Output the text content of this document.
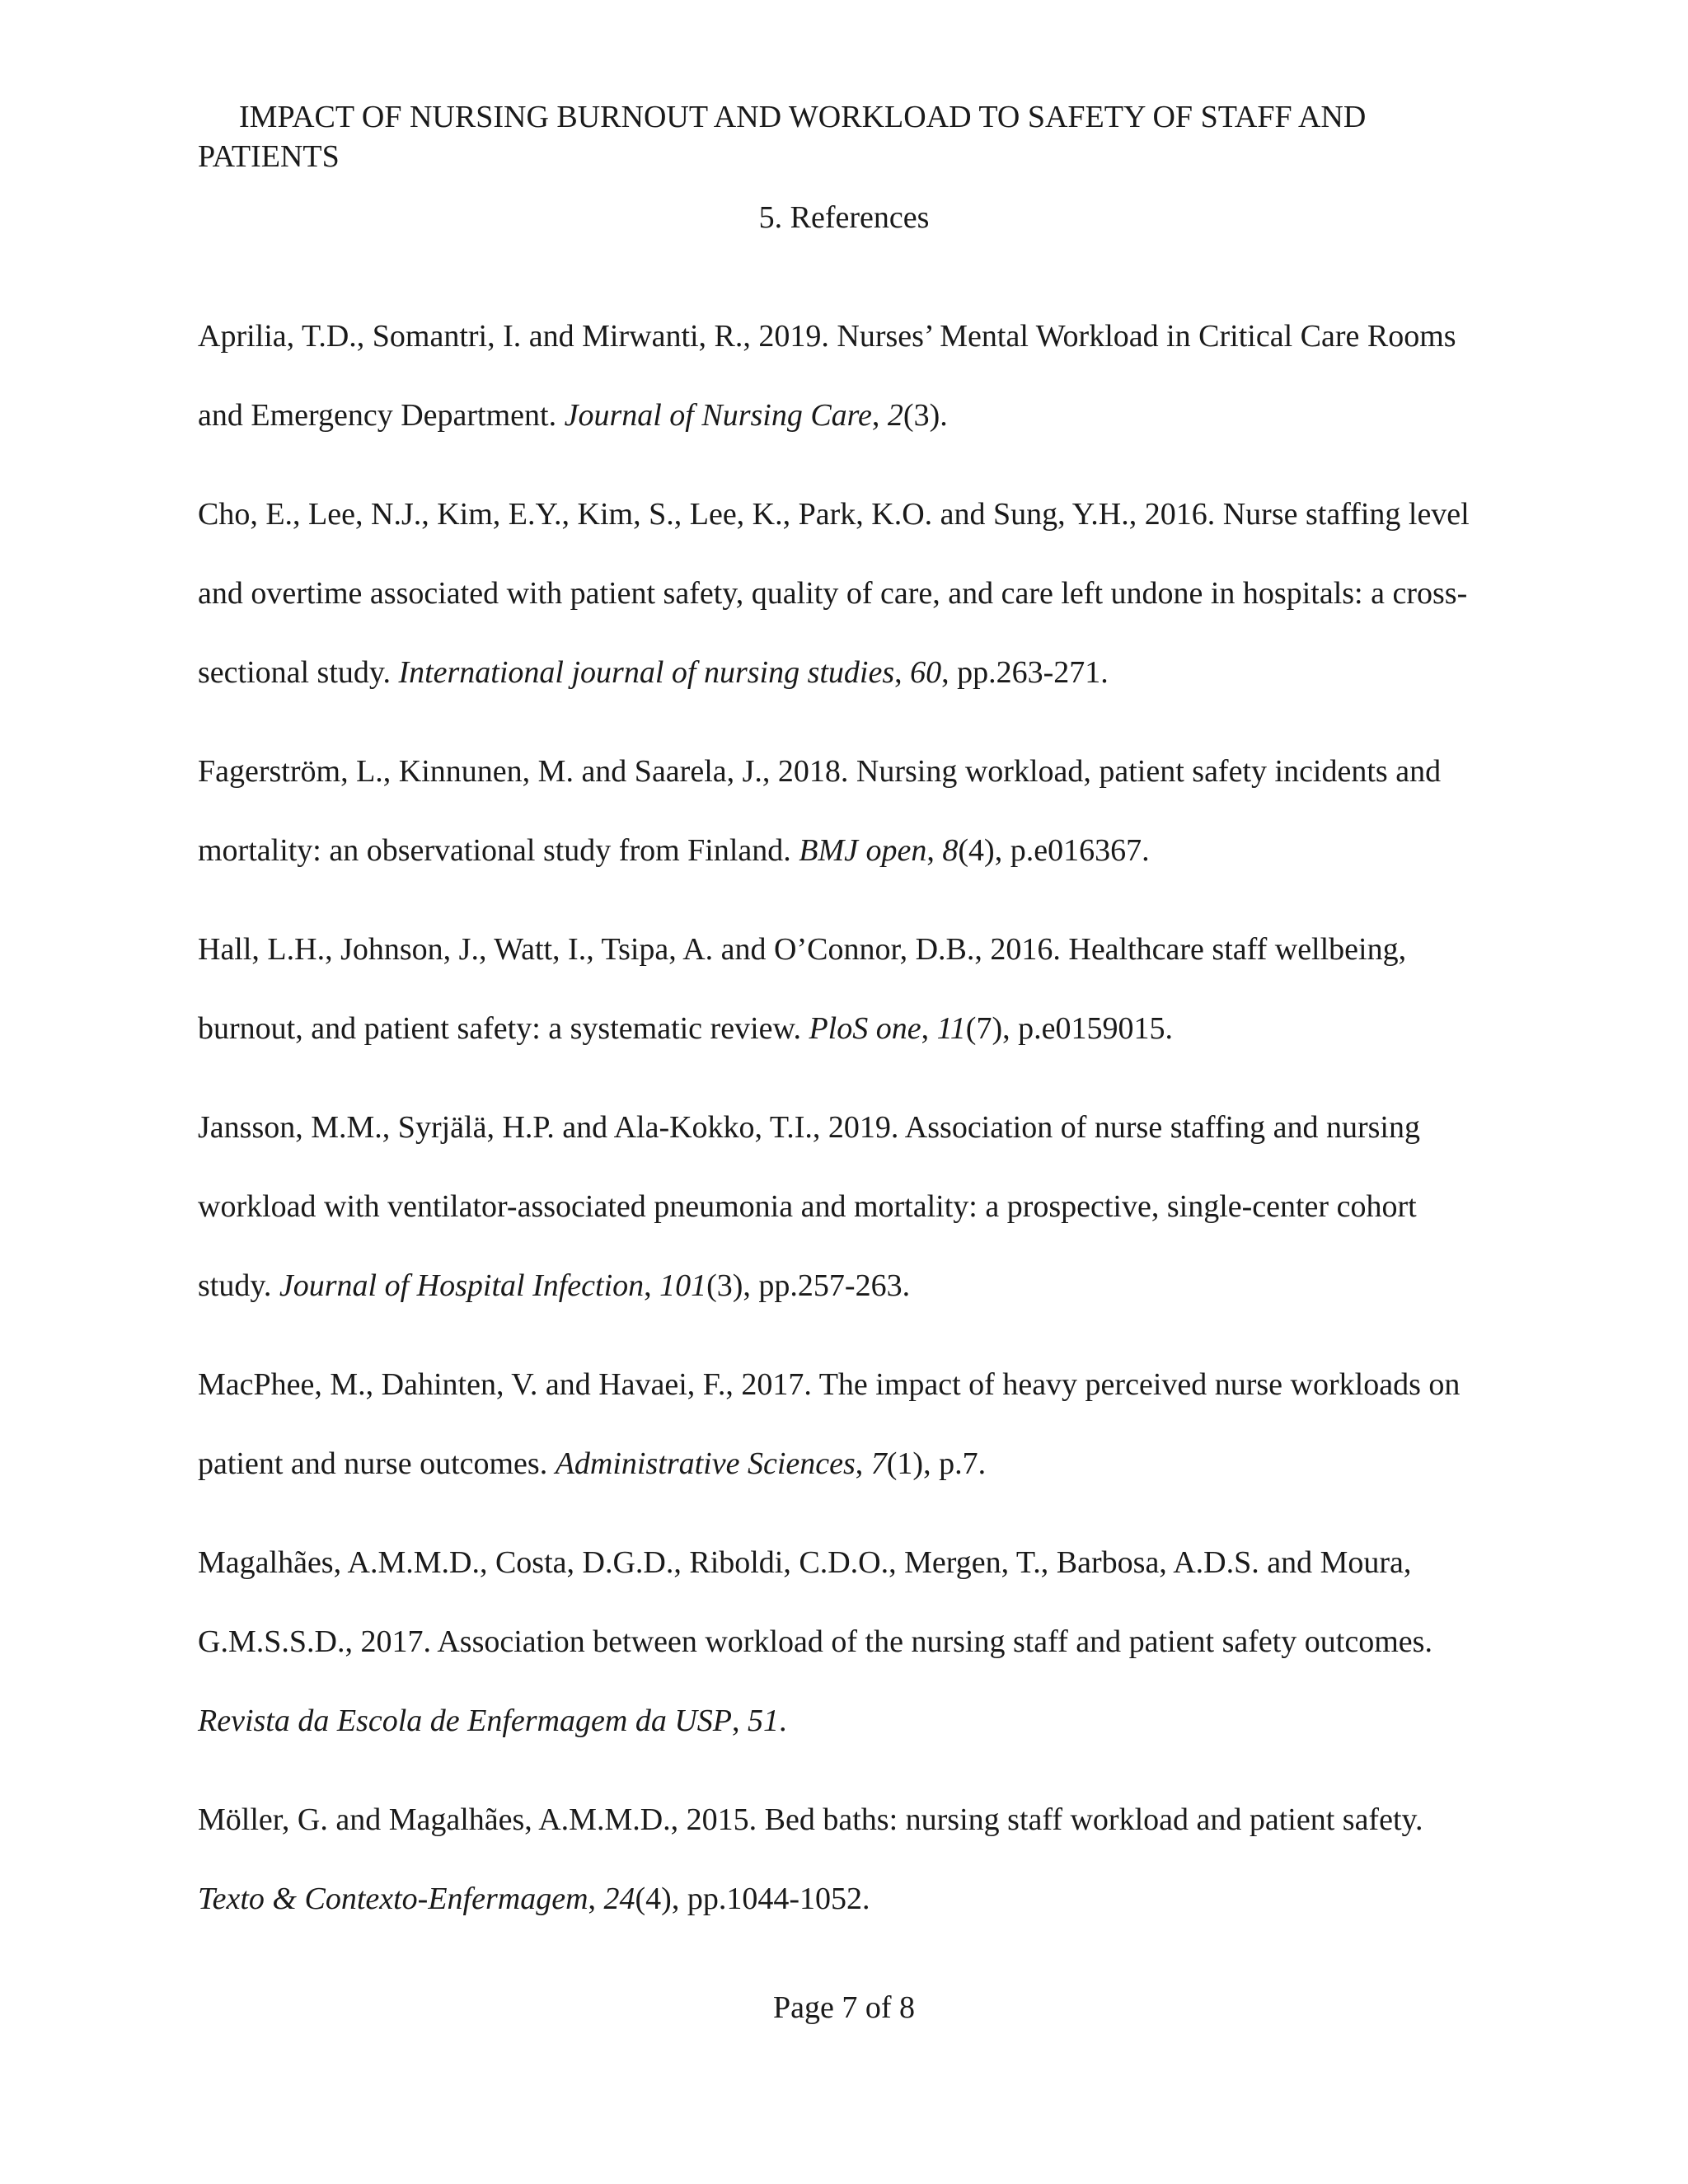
IMPACT OF NURSING BURNOUT AND WORKLOAD TO SAFETY OF STAFF AND PATIENTS
5. References

Aprilia, T.D., Somantri, I. and Mirwanti, R., 2019. Nurses’ Mental Workload in Critical Care Rooms and Emergency Department. Journal of Nursing Care, 2(3).

Cho, E., Lee, N.J., Kim, E.Y., Kim, S., Lee, K., Park, K.O. and Sung, Y.H., 2016. Nurse staffing level and overtime associated with patient safety, quality of care, and care left undone in hospitals: a cross-sectional study. International journal of nursing studies, 60, pp.263-271.

Fagerström, L., Kinnunen, M. and Saarela, J., 2018. Nursing workload, patient safety incidents and mortality: an observational study from Finland. BMJ open, 8(4), p.e016367.

Hall, L.H., Johnson, J., Watt, I., Tsipa, A. and O’Connor, D.B., 2016. Healthcare staff wellbeing, burnout, and patient safety: a systematic review. PloS one, 11(7), p.e0159015.

Jansson, M.M., Syrjälä, H.P. and Ala-Kokko, T.I., 2019. Association of nurse staffing and nursing workload with ventilator-associated pneumonia and mortality: a prospective, single-center cohort study. Journal of Hospital Infection, 101(3), pp.257-263.

MacPhee, M., Dahinten, V. and Havaei, F., 2017. The impact of heavy perceived nurse workloads on patient and nurse outcomes. Administrative Sciences, 7(1), p.7.

Magalhães, A.M.M.D., Costa, D.G.D., Riboldi, C.D.O., Mergen, T., Barbosa, A.D.S. and Moura, G.M.S.S.D., 2017. Association between workload of the nursing staff and patient safety outcomes. Revista da Escola de Enfermagem da USP, 51.

Möller, G. and Magalhães, A.M.M.D., 2015. Bed baths: nursing staff workload and patient safety. Texto & Contexto-Enfermagem, 24(4), pp.1044-1052.

Page 7 of 8
